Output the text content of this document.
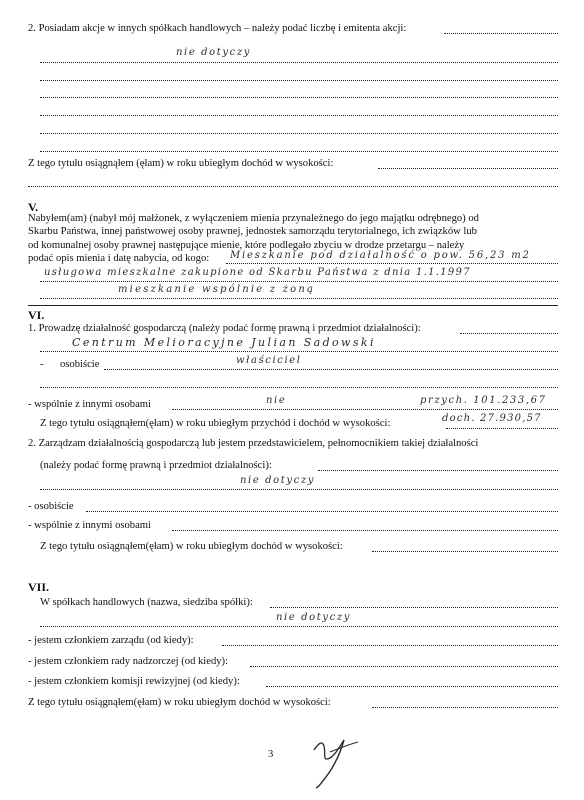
2. Posiadam akcje w innych spółkach handlowych – należy podać liczbę i emitenta akcji:
nie dotyczy
Z tego tytułu osiągnąłem (ęłam) w roku ubiegłym dochód w wysokości:
V.
Nabyłem(am) (nabył mój małżonek, z wyłączeniem mienia przynależnego do jego majątku odrębnego) od
Skarbu Państwa, innej państwowej osoby prawnej, jednostek samorządu terytorialnego, ich związków lub
od komunalnej osoby prawnej następujące mienie, które podlegało zbyciu w drodze przetargu – należy
podać opis mienia i datę nabycia, od kogo: Mieszkanie pod działalność o pow. 56,23 m2
usługowa mieszkalne zakupione od Skarbu Państwa z dnia 1.1.1997
mieszkanie wspólnie z żoną
VI.
1. Prowadzę działalność gospodarczą (należy podać formę prawną i przedmiot działalności):
Centrum Melioracyjne Julian Sadowski
- osobiście	właściciel
- wspólnie z innymi osobami	nie	przych. 101.233,67
Z tego tytułu osiągnąłem(ęłam) w roku ubiegłym przychód i dochód w wysokości:	doch. 27.930,57
2. Zarządzam działalnością gospodarczą lub jestem przedstawicielem, pełnomocnikiem takiej działalności
(należy podać formę prawną i przedmiot działalności):
nie dotyczy
- osobiście
- wspólnie z innymi osobami
Z tego tytułu osiągnąłem(ęłam) w roku ubiegłym dochód w wysokości:
VII.
W spółkach handlowych (nazwa, siedziba spółki):
nie dotyczy
- jestem członkiem zarządu (od kiedy):
- jestem członkiem rady nadzorczej (od kiedy):
- jestem członkiem komisji rewizyjnej (od kiedy):
Z tego tytułu osiągnąłem(ęłam) w roku ubiegłym dochód w wysokości:
3
